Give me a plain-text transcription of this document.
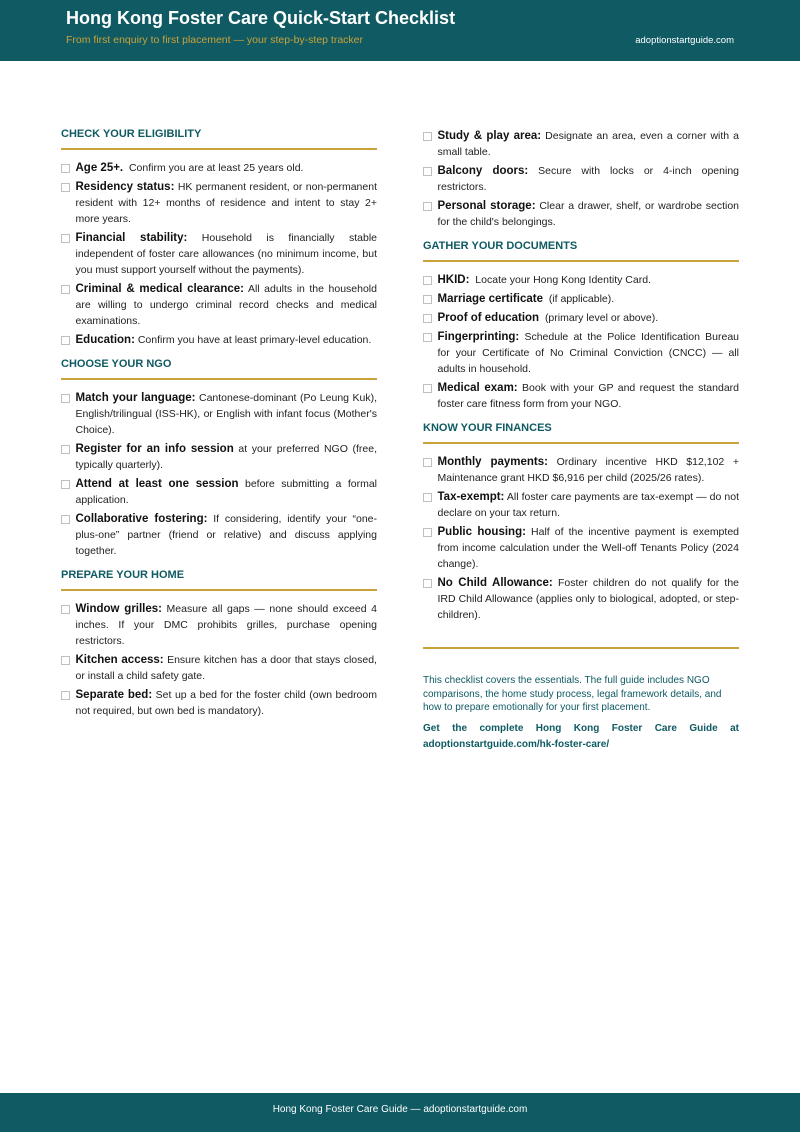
Hong Kong Foster Care Quick-Start Checklist
From first enquiry to first placement — your step-by-step tracker	adoptionstartguide.com
CHECK YOUR ELIGIBILITY
Age 25+. Confirm you are at least 25 years old.
Residency status: HK permanent resident, or non-permanent resident with 12+ months of residence and intent to stay 2+ more years.
Financial stability: Household is financially stable independent of foster care allowances (no minimum income, but you must support yourself without the payments).
Criminal & medical clearance: All adults in the household are willing to undergo criminal record checks and medical examinations.
Education: Confirm you have at least primary-level education.
CHOOSE YOUR NGO
Match your language: Cantonese-dominant (Po Leung Kuk), English/trilingual (ISS-HK), or English with infant focus (Mother's Choice).
Register for an info session at your preferred NGO (free, typically quarterly).
Attend at least one session before submitting a formal application.
Collaborative fostering: If considering, identify your “one-plus-one” partner (friend or relative) and discuss applying together.
PREPARE YOUR HOME
Window grilles: Measure all gaps — none should exceed 4 inches. If your DMC prohibits grilles, purchase opening restrictors.
Kitchen access: Ensure kitchen has a door that stays closed, or install a child safety gate.
Separate bed: Set up a bed for the foster child (own bedroom not required, but own bed is mandatory).
Study & play area: Designate an area, even a corner with a small table.
Balcony doors: Secure with locks or 4-inch opening restrictors.
Personal storage: Clear a drawer, shelf, or wardrobe section for the child's belongings.
GATHER YOUR DOCUMENTS
HKID: Locate your Hong Kong Identity Card.
Marriage certificate (if applicable).
Proof of education (primary level or above).
Fingerprinting: Schedule at the Police Identification Bureau for your Certificate of No Criminal Conviction (CNCC) — all adults in household.
Medical exam: Book with your GP and request the standard foster care fitness form from your NGO.
KNOW YOUR FINANCES
Monthly payments: Ordinary incentive HKD $12,102 + Maintenance grant HKD $6,916 per child (2025/26 rates).
Tax-exempt: All foster care payments are tax-exempt — do not declare on your tax return.
Public housing: Half of the incentive payment is exempted from income calculation under the Well-off Tenants Policy (2024 change).
No Child Allowance: Foster children do not qualify for the IRD Child Allowance (applies only to biological, adopted, or step-children).
This checklist covers the essentials. The full guide includes NGO comparisons, the home study process, legal framework details, and how to prepare emotionally for your first placement.
Get the complete Hong Kong Foster Care Guide at adoptionstartguide.com/hk-foster-care/
Hong Kong Foster Care Guide — adoptionstartguide.com
